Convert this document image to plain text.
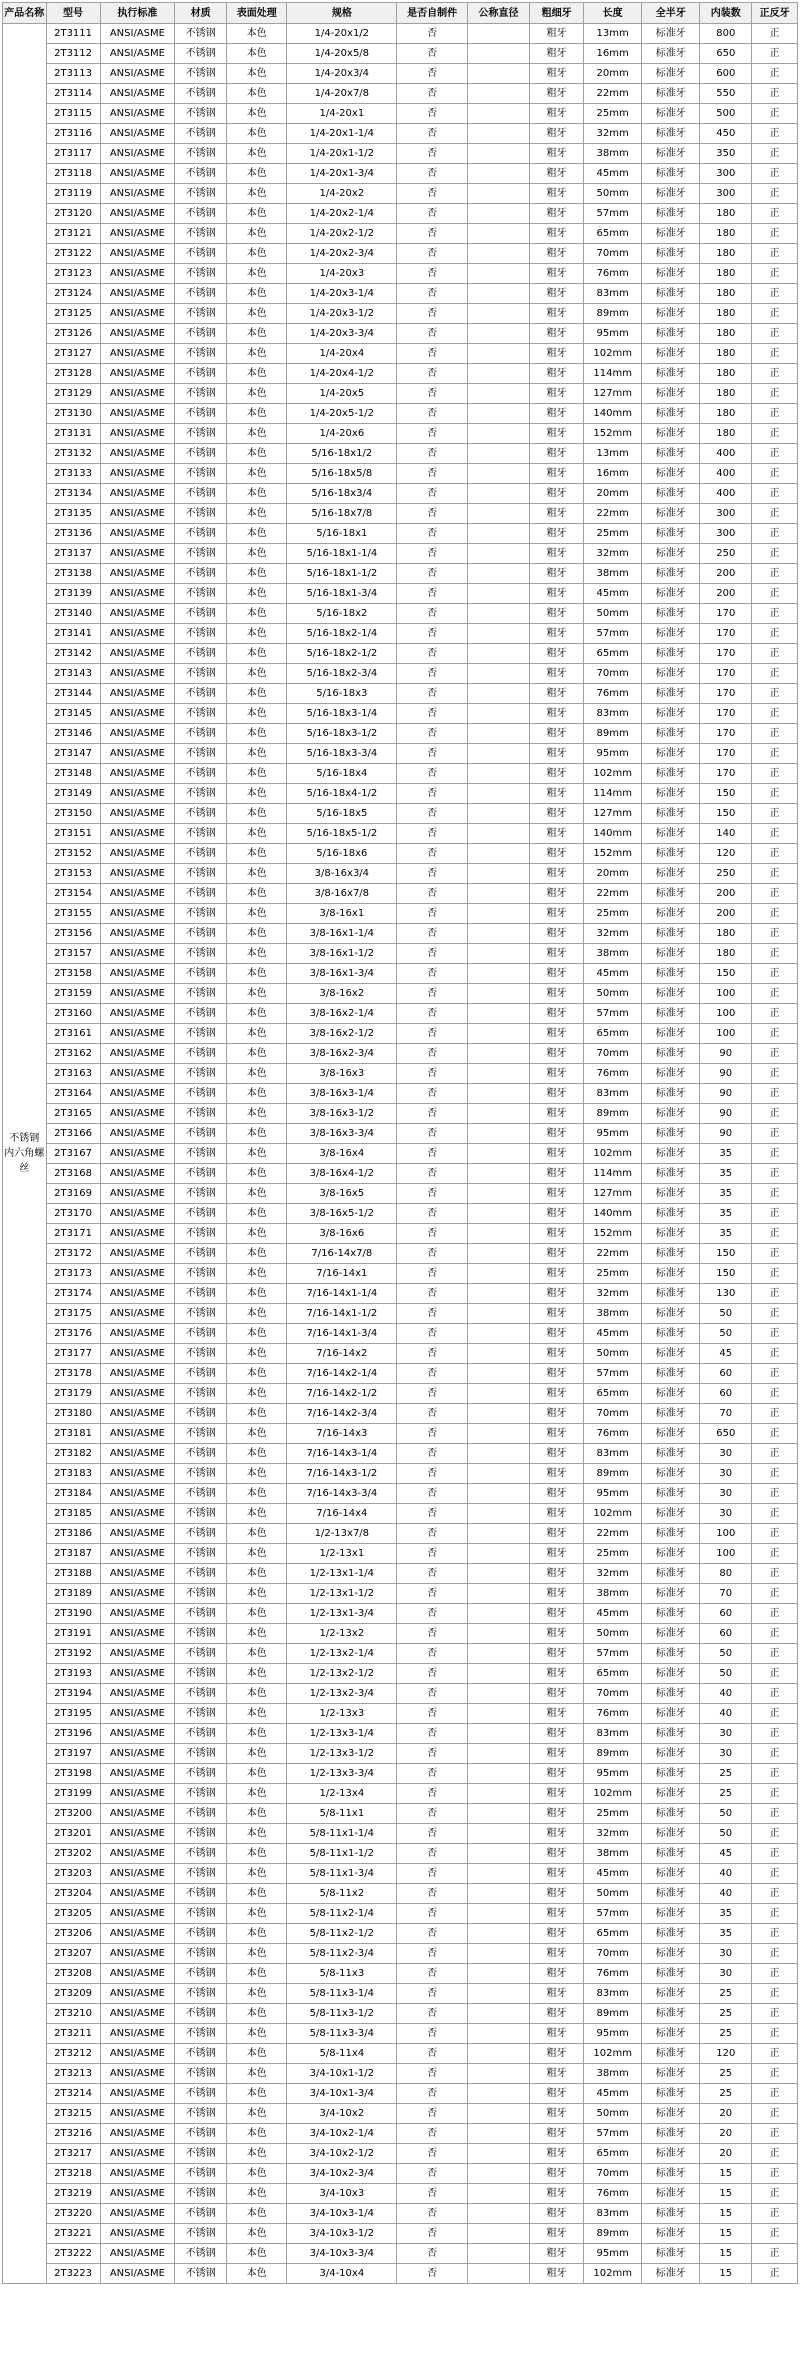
产品名称	型号	执行标准	材质	表面处理	规格	是否自制件	公称直径	粗细牙	长度	全半牙	内装数	正反牙
不锈钢 内六角螺丝	2T3111	ANSI/ASME	不锈钢	本色	1/4-20x1/2	否		粗牙	13mm	标准牙	800	正
	2T3112	ANSI/ASME	不锈钢	本色	1/4-20x5/8	否		粗牙	16mm	标准牙	650	正
	2T3113	ANSI/ASME	不锈钢	本色	1/4-20x3/4	否		粗牙	20mm	标准牙	600	正
	2T3114	ANSI/ASME	不锈钢	本色	1/4-20x7/8	否		粗牙	22mm	标准牙	550	正
	2T3115	ANSI/ASME	不锈钢	本色	1/4-20x1	否		粗牙	25mm	标准牙	500	正
	2T3116	ANSI/ASME	不锈钢	本色	1/4-20x1-1/4	否		粗牙	32mm	标准牙	450	正
	2T3117	ANSI/ASME	不锈钢	本色	1/4-20x1-1/2	否		粗牙	38mm	标准牙	350	正
	2T3118	ANSI/ASME	不锈钢	本色	1/4-20x1-3/4	否		粗牙	45mm	标准牙	300	正
	2T3119	ANSI/ASME	不锈钢	本色	1/4-20x2	否		粗牙	50mm	标准牙	300	正
	2T3120	ANSI/ASME	不锈钢	本色	1/4-20x2-1/4	否		粗牙	57mm	标准牙	180	正
	2T3121	ANSI/ASME	不锈钢	本色	1/4-20x2-1/2	否		粗牙	65mm	标准牙	180	正
	2T3122	ANSI/ASME	不锈钢	本色	1/4-20x2-3/4	否		粗牙	70mm	标准牙	180	正
	2T3123	ANSI/ASME	不锈钢	本色	1/4-20x3	否		粗牙	76mm	标准牙	180	正
	2T3124	ANSI/ASME	不锈钢	本色	1/4-20x3-1/4	否		粗牙	83mm	标准牙	180	正
	2T3125	ANSI/ASME	不锈钢	本色	1/4-20x3-1/2	否		粗牙	89mm	标准牙	180	正
	2T3126	ANSI/ASME	不锈钢	本色	1/4-20x3-3/4	否		粗牙	95mm	标准牙	180	正
	2T3127	ANSI/ASME	不锈钢	本色	1/4-20x4	否		粗牙	102mm	标准牙	180	正
	2T3128	ANSI/ASME	不锈钢	本色	1/4-20x4-1/2	否		粗牙	114mm	标准牙	180	正
	2T3129	ANSI/ASME	不锈钢	本色	1/4-20x5	否		粗牙	127mm	标准牙	180	正
	2T3130	ANSI/ASME	不锈钢	本色	1/4-20x5-1/2	否		粗牙	140mm	标准牙	180	正
	2T3131	ANSI/ASME	不锈钢	本色	1/4-20x6	否		粗牙	152mm	标准牙	180	正
	2T3132	ANSI/ASME	不锈钢	本色	5/16-18x1/2	否		粗牙	13mm	标准牙	400	正
	2T3133	ANSI/ASME	不锈钢	本色	5/16-18x5/8	否		粗牙	16mm	标准牙	400	正
	2T3134	ANSI/ASME	不锈钢	本色	5/16-18x3/4	否		粗牙	20mm	标准牙	400	正
	2T3135	ANSI/ASME	不锈钢	本色	5/16-18x7/8	否		粗牙	22mm	标准牙	300	正
	2T3136	ANSI/ASME	不锈钢	本色	5/16-18x1	否		粗牙	25mm	标准牙	300	正
	2T3137	ANSI/ASME	不锈钢	本色	5/16-18x1-1/4	否		粗牙	32mm	标准牙	250	正
	2T3138	ANSI/ASME	不锈钢	本色	5/16-18x1-1/2	否		粗牙	38mm	标准牙	200	正
	2T3139	ANSI/ASME	不锈钢	本色	5/16-18x1-3/4	否		粗牙	45mm	标准牙	200	正
	2T3140	ANSI/ASME	不锈钢	本色	5/16-18x2	否		粗牙	50mm	标准牙	170	正
	2T3141	ANSI/ASME	不锈钢	本色	5/16-18x2-1/4	否		粗牙	57mm	标准牙	170	正
	2T3142	ANSI/ASME	不锈钢	本色	5/16-18x2-1/2	否		粗牙	65mm	标准牙	170	正
	2T3143	ANSI/ASME	不锈钢	本色	5/16-18x2-3/4	否		粗牙	70mm	标准牙	170	正
	2T3144	ANSI/ASME	不锈钢	本色	5/16-18x3	否		粗牙	76mm	标准牙	170	正
	2T3145	ANSI/ASME	不锈钢	本色	5/16-18x3-1/4	否		粗牙	83mm	标准牙	170	正
	2T3146	ANSI/ASME	不锈钢	本色	5/16-18x3-1/2	否		粗牙	89mm	标准牙	170	正
	2T3147	ANSI/ASME	不锈钢	本色	5/16-18x3-3/4	否		粗牙	95mm	标准牙	170	正
	2T3148	ANSI/ASME	不锈钢	本色	5/16-18x4	否		粗牙	102mm	标准牙	170	正
	2T3149	ANSI/ASME	不锈钢	本色	5/16-18x4-1/2	否		粗牙	114mm	标准牙	150	正
	2T3150	ANSI/ASME	不锈钢	本色	5/16-18x5	否		粗牙	127mm	标准牙	150	正
	2T3151	ANSI/ASME	不锈钢	本色	5/16-18x5-1/2	否		粗牙	140mm	标准牙	140	正
	2T3152	ANSI/ASME	不锈钢	本色	5/16-18x6	否		粗牙	152mm	标准牙	120	正
	2T3153	ANSI/ASME	不锈钢	本色	3/8-16x3/4	否		粗牙	20mm	标准牙	250	正
	2T3154	ANSI/ASME	不锈钢	本色	3/8-16x7/8	否		粗牙	22mm	标准牙	200	正
	2T3155	ANSI/ASME	不锈钢	本色	3/8-16x1	否		粗牙	25mm	标准牙	200	正
	2T3156	ANSI/ASME	不锈钢	本色	3/8-16x1-1/4	否		粗牙	32mm	标准牙	180	正
	2T3157	ANSI/ASME	不锈钢	本色	3/8-16x1-1/2	否		粗牙	38mm	标准牙	180	正
	2T3158	ANSI/ASME	不锈钢	本色	3/8-16x1-3/4	否		粗牙	45mm	标准牙	150	正
	2T3159	ANSI/ASME	不锈钢	本色	3/8-16x2	否		粗牙	50mm	标准牙	100	正
	2T3160	ANSI/ASME	不锈钢	本色	3/8-16x2-1/4	否		粗牙	57mm	标准牙	100	正
	2T3161	ANSI/ASME	不锈钢	本色	3/8-16x2-1/2	否		粗牙	65mm	标准牙	100	正
	2T3162	ANSI/ASME	不锈钢	本色	3/8-16x2-3/4	否		粗牙	70mm	标准牙	90	正
	2T3163	ANSI/ASME	不锈钢	本色	3/8-16x3	否		粗牙	76mm	标准牙	90	正
	2T3164	ANSI/ASME	不锈钢	本色	3/8-16x3-1/4	否		粗牙	83mm	标准牙	90	正
	2T3165	ANSI/ASME	不锈钢	本色	3/8-16x3-1/2	否		粗牙	89mm	标准牙	90	正
	2T3166	ANSI/ASME	不锈钢	本色	3/8-16x3-3/4	否		粗牙	95mm	标准牙	90	正
	2T3167	ANSI/ASME	不锈钢	本色	3/8-16x4	否		粗牙	102mm	标准牙	35	正
	2T3168	ANSI/ASME	不锈钢	本色	3/8-16x4-1/2	否		粗牙	114mm	标准牙	35	正
	2T3169	ANSI/ASME	不锈钢	本色	3/8-16x5	否		粗牙	127mm	标准牙	35	正
	2T3170	ANSI/ASME	不锈钢	本色	3/8-16x5-1/2	否		粗牙	140mm	标准牙	35	正
	2T3171	ANSI/ASME	不锈钢	本色	3/8-16x6	否		粗牙	152mm	标准牙	35	正
	2T3172	ANSI/ASME	不锈钢	本色	7/16-14x7/8	否		粗牙	22mm	标准牙	150	正
	2T3173	ANSI/ASME	不锈钢	本色	7/16-14x1	否		粗牙	25mm	标准牙	150	正
	2T3174	ANSI/ASME	不锈钢	本色	7/16-14x1-1/4	否		粗牙	32mm	标准牙	130	正
	2T3175	ANSI/ASME	不锈钢	本色	7/16-14x1-1/2	否		粗牙	38mm	标准牙	50	正
	2T3176	ANSI/ASME	不锈钢	本色	7/16-14x1-3/4	否		粗牙	45mm	标准牙	50	正
	2T3177	ANSI/ASME	不锈钢	本色	7/16-14x2	否		粗牙	50mm	标准牙	45	正
	2T3178	ANSI/ASME	不锈钢	本色	7/16-14x2-1/4	否		粗牙	57mm	标准牙	60	正
	2T3179	ANSI/ASME	不锈钢	本色	7/16-14x2-1/2	否		粗牙	65mm	标准牙	60	正
	2T3180	ANSI/ASME	不锈钢	本色	7/16-14x2-3/4	否		粗牙	70mm	标准牙	70	正
	2T3181	ANSI/ASME	不锈钢	本色	7/16-14x3	否		粗牙	76mm	标准牙	650	正
	2T3182	ANSI/ASME	不锈钢	本色	7/16-14x3-1/4	否		粗牙	83mm	标准牙	30	正
	2T3183	ANSI/ASME	不锈钢	本色	7/16-14x3-1/2	否		粗牙	89mm	标准牙	30	正
	2T3184	ANSI/ASME	不锈钢	本色	7/16-14x3-3/4	否		粗牙	95mm	标准牙	30	正
	2T3185	ANSI/ASME	不锈钢	本色	7/16-14x4	否		粗牙	102mm	标准牙	30	正
	2T3186	ANSI/ASME	不锈钢	本色	1/2-13x7/8	否		粗牙	22mm	标准牙	100	正
	2T3187	ANSI/ASME	不锈钢	本色	1/2-13x1	否		粗牙	25mm	标准牙	100	正
	2T3188	ANSI/ASME	不锈钢	本色	1/2-13x1-1/4	否		粗牙	32mm	标准牙	80	正
	2T3189	ANSI/ASME	不锈钢	本色	1/2-13x1-1/2	否		粗牙	38mm	标准牙	70	正
	2T3190	ANSI/ASME	不锈钢	本色	1/2-13x1-3/4	否		粗牙	45mm	标准牙	60	正
	2T3191	ANSI/ASME	不锈钢	本色	1/2-13x2	否		粗牙	50mm	标准牙	60	正
	2T3192	ANSI/ASME	不锈钢	本色	1/2-13x2-1/4	否		粗牙	57mm	标准牙	50	正
	2T3193	ANSI/ASME	不锈钢	本色	1/2-13x2-1/2	否		粗牙	65mm	标准牙	50	正
	2T3194	ANSI/ASME	不锈钢	本色	1/2-13x2-3/4	否		粗牙	70mm	标准牙	40	正
	2T3195	ANSI/ASME	不锈钢	本色	1/2-13x3	否		粗牙	76mm	标准牙	40	正
	2T3196	ANSI/ASME	不锈钢	本色	1/2-13x3-1/4	否		粗牙	83mm	标准牙	30	正
	2T3197	ANSI/ASME	不锈钢	本色	1/2-13x3-1/2	否		粗牙	89mm	标准牙	30	正
	2T3198	ANSI/ASME	不锈钢	本色	1/2-13x3-3/4	否		粗牙	95mm	标准牙	25	正
	2T3199	ANSI/ASME	不锈钢	本色	1/2-13x4	否		粗牙	102mm	标准牙	25	正
	2T3200	ANSI/ASME	不锈钢	本色	5/8-11x1	否		粗牙	25mm	标准牙	50	正
	2T3201	ANSI/ASME	不锈钢	本色	5/8-11x1-1/4	否		粗牙	32mm	标准牙	50	正
	2T3202	ANSI/ASME	不锈钢	本色	5/8-11x1-1/2	否		粗牙	38mm	标准牙	45	正
	2T3203	ANSI/ASME	不锈钢	本色	5/8-11x1-3/4	否		粗牙	45mm	标准牙	40	正
	2T3204	ANSI/ASME	不锈钢	本色	5/8-11x2	否		粗牙	50mm	标准牙	40	正
	2T3205	ANSI/ASME	不锈钢	本色	5/8-11x2-1/4	否		粗牙	57mm	标准牙	35	正
	2T3206	ANSI/ASME	不锈钢	本色	5/8-11x2-1/2	否		粗牙	65mm	标准牙	35	正
	2T3207	ANSI/ASME	不锈钢	本色	5/8-11x2-3/4	否		粗牙	70mm	标准牙	30	正
	2T3208	ANSI/ASME	不锈钢	本色	5/8-11x3	否		粗牙	76mm	标准牙	30	正
	2T3209	ANSI/ASME	不锈钢	本色	5/8-11x3-1/4	否		粗牙	83mm	标准牙	25	正
	2T3210	ANSI/ASME	不锈钢	本色	5/8-11x3-1/2	否		粗牙	89mm	标准牙	25	正
	2T3211	ANSI/ASME	不锈钢	本色	5/8-11x3-3/4	否		粗牙	95mm	标准牙	25	正
	2T3212	ANSI/ASME	不锈钢	本色	5/8-11x4	否		粗牙	102mm	标准牙	120	正
	2T3213	ANSI/ASME	不锈钢	本色	3/4-10x1-1/2	否		粗牙	38mm	标准牙	25	正
	2T3214	ANSI/ASME	不锈钢	本色	3/4-10x1-3/4	否		粗牙	45mm	标准牙	25	正
	2T3215	ANSI/ASME	不锈钢	本色	3/4-10x2	否		粗牙	50mm	标准牙	20	正
	2T3216	ANSI/ASME	不锈钢	本色	3/4-10x2-1/4	否		粗牙	57mm	标准牙	20	正
	2T3217	ANSI/ASME	不锈钢	本色	3/4-10x2-1/2	否		粗牙	65mm	标准牙	20	正
	2T3218	ANSI/ASME	不锈钢	本色	3/4-10x2-3/4	否		粗牙	70mm	标准牙	15	正
	2T3219	ANSI/ASME	不锈钢	本色	3/4-10x3	否		粗牙	76mm	标准牙	15	正
	2T3220	ANSI/ASME	不锈钢	本色	3/4-10x3-1/4	否		粗牙	83mm	标准牙	15	正
	2T3221	ANSI/ASME	不锈钢	本色	3/4-10x3-1/2	否		粗牙	89mm	标准牙	15	正
	2T3222	ANSI/ASME	不锈钢	本色	3/4-10x3-3/4	否		粗牙	95mm	标准牙	15	正
	2T3223	ANSI/ASME	不锈钢	本色	3/4-10x4	否		粗牙	102mm	标准牙	15	正
